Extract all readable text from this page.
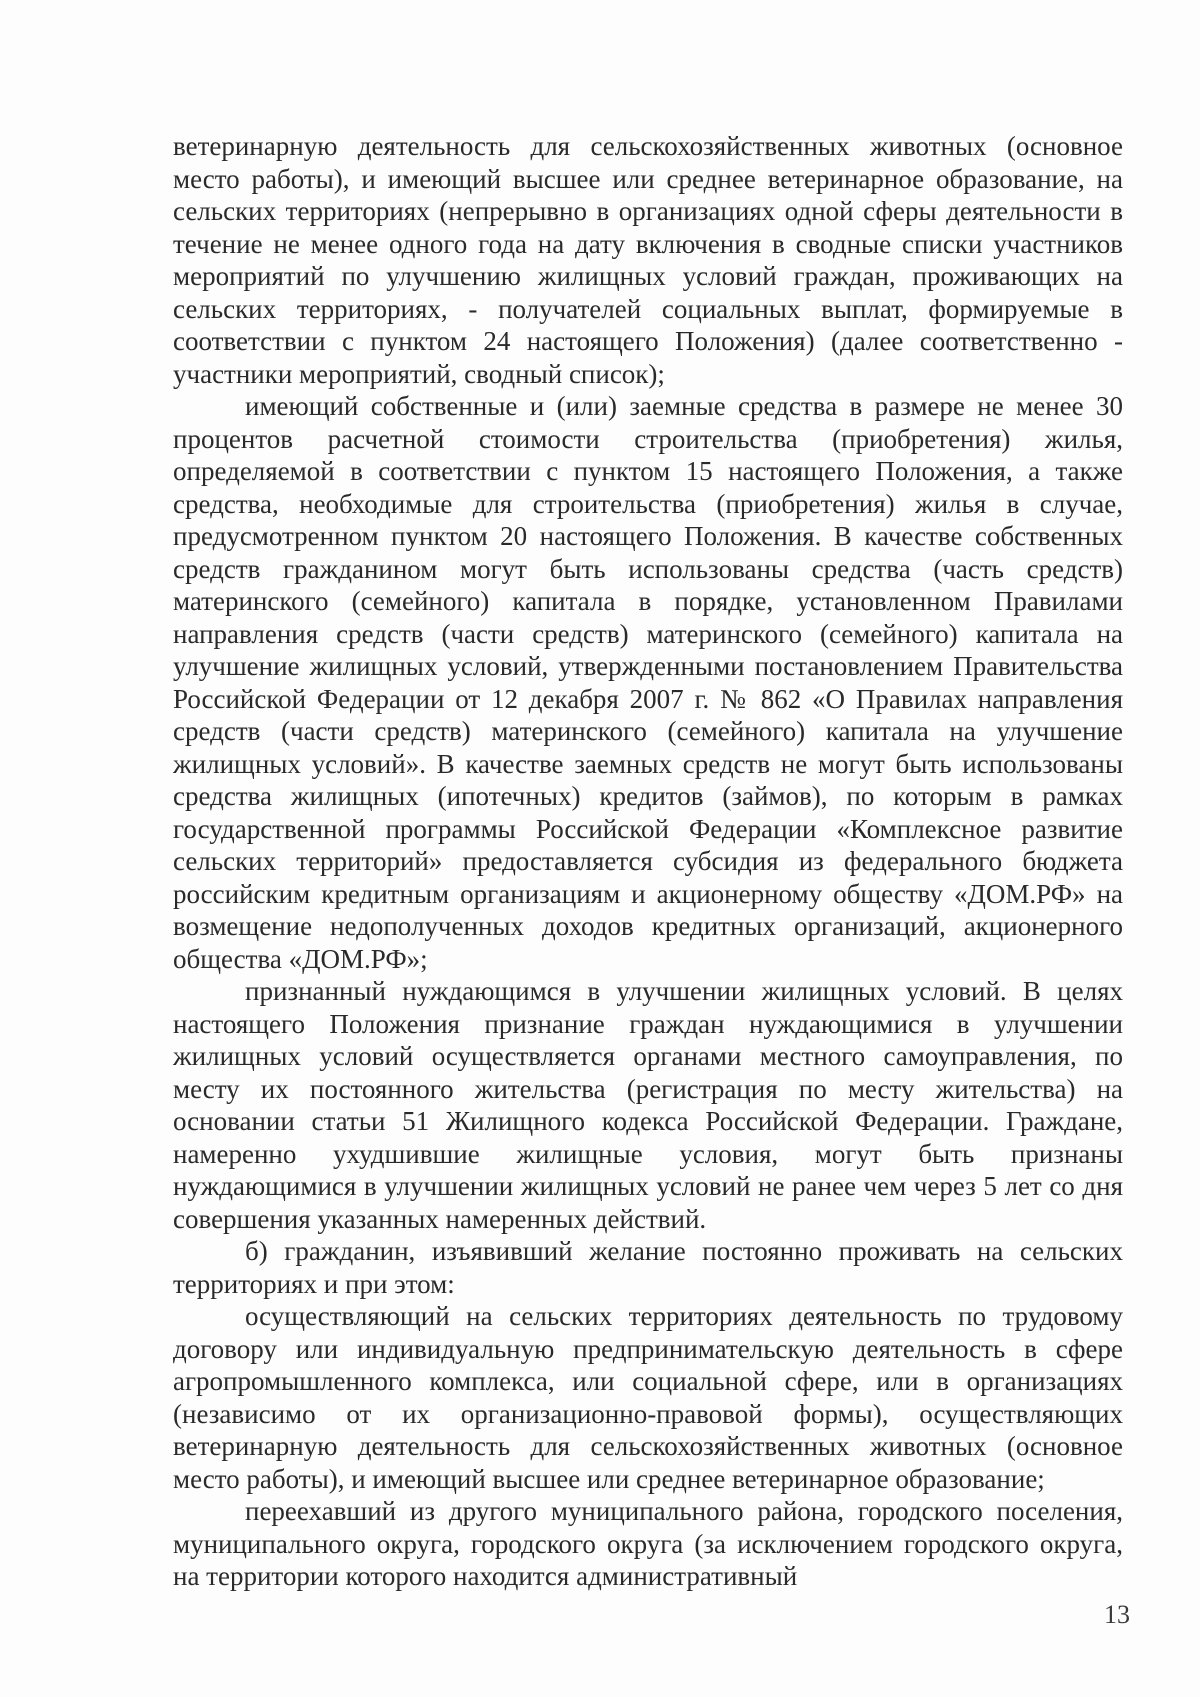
ветеринарную деятельность для сельскохозяйственных животных (основное место работы), и имеющий высшее или среднее ветеринарное образование, на сельских территориях (непрерывно в организациях одной сферы деятельности в течение не менее одного года на дату включения в сводные списки участников мероприятий по улучшению жилищных условий граждан, проживающих на сельских территориях, - получателей социальных выплат, формируемые в соответствии с пунктом 24 настоящего Положения) (далее соответственно - участники мероприятий, сводный список);

имеющий собственные и (или) заемные средства в размере не менее 30 процентов расчетной стоимости строительства (приобретения) жилья, определяемой в соответствии с пунктом 15 настоящего Положения, а также средства, необходимые для строительства (приобретения) жилья в случае, предусмотренном пунктом 20 настоящего Положения. В качестве собственных средств гражданином могут быть использованы средства (часть средств) материнского (семейного) капитала в порядке, установленном Правилами направления средств (части средств) материнского (семейного) капитала на улучшение жилищных условий, утвержденными постановлением Правительства Российской Федерации от 12 декабря 2007 г. № 862 «О Правилах направления средств (части средств) материнского (семейного) капитала на улучшение жилищных условий». В качестве заемных средств не могут быть использованы средства жилищных (ипотечных) кредитов (займов), по которым в рамках государственной программы Российской Федерации «Комплексное развитие сельских территорий» предоставляется субсидия из федерального бюджета российским кредитным организациям и акционерному обществу «ДОМ.РФ» на возмещение недополученных доходов кредитных организаций, акционерного общества «ДОМ.РФ»;

признанный нуждающимся в улучшении жилищных условий. В целях настоящего Положения признание граждан нуждающимися в улучшении жилищных условий осуществляется органами местного самоуправления, по месту их постоянного жительства (регистрация по месту жительства) на основании статьи 51 Жилищного кодекса Российской Федерации. Граждане, намеренно ухудшившие жилищные условия, могут быть признаны нуждающимися в улучшении жилищных условий не ранее чем через 5 лет со дня совершения указанных намеренных действий.

б) гражданин, изъявивший желание постоянно проживать на сельских территориях и при этом:

осуществляющий на сельских территориях деятельность по трудовому договору или индивидуальную предпринимательскую деятельность в сфере агропромышленного комплекса, или социальной сфере, или в организациях (независимо от их организационно-правовой формы), осуществляющих ветеринарную деятельность для сельскохозяйственных животных (основное место работы), и имеющий высшее или среднее ветеринарное образование;

переехавший из другого муниципального района, городского поселения, муниципального округа, городского округа (за исключением городского округа, на территории которого находится административный

13
